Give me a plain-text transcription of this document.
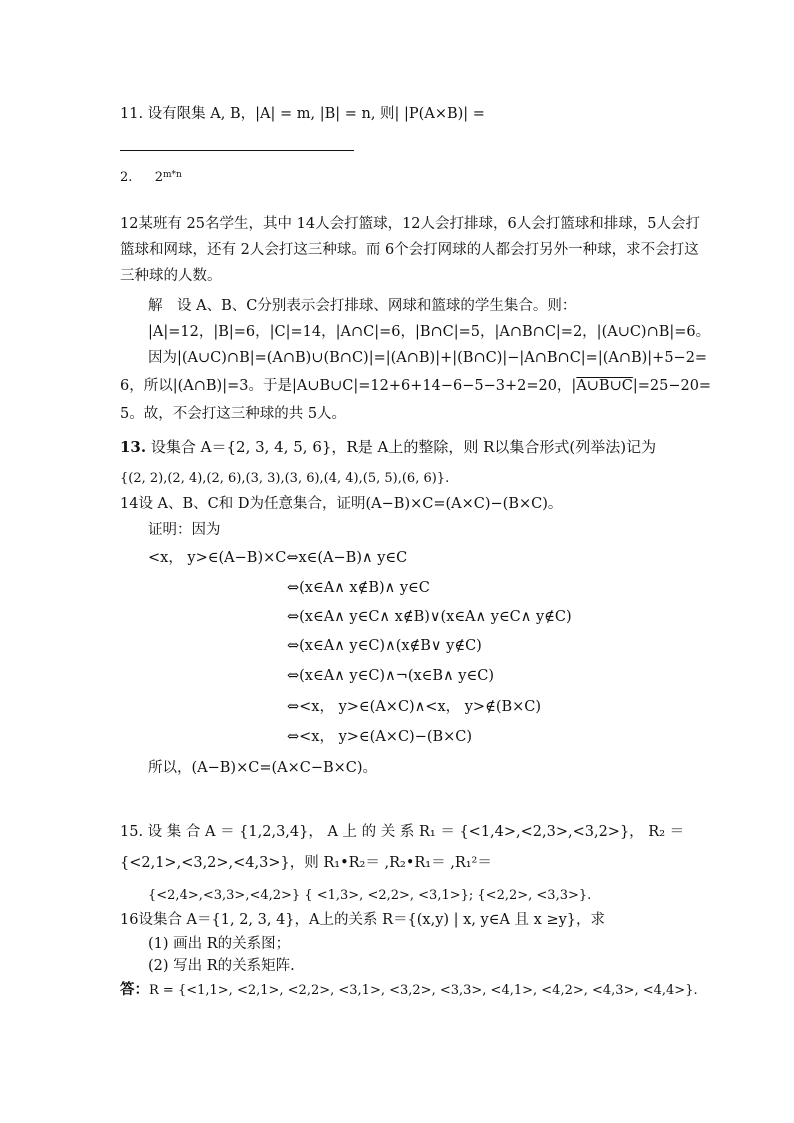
11. 设有限集 A, B，|A| = m, |B| = n, 则| |P(A×B)| =
2. $2^{m*n}$
12某班有 25名学生，其中 14人会打篮球，12人会打排球，6人会打篮球和排球，5人会打
篮球和网球，还有 2人会打这三种球。而 6个会打网球的人都会打另外一种球，求不会打这
三种球的人数。
解　设 A、B、C分别表示会打排球、网球和篮球的学生集合。则：
|A|=12，|B|=6，|C|=14，|A∩C|=6，|B∩C|=5，|A∩B∩C|=2，|(A∪C)∩B|=6。
因为|(A∪C)∩B|=(A∩B)∪(B∩C)|=|(A∩B)|+|(B∩C)|−|A∩B∩C|=|(A∩B)|+5−2=
6，所以|(A∩B)|=3。于是|A∪B∪C|=12+6+14−6−5−3+2=20，|A∪B∪C|=25−20=
5。故，不会打这三种球的共 5人。
13. 设集合 A＝{2, 3, 4, 5, 6}，R是 A上的整除，则 R以集合形式(列举法)记为
{(2, 2),(2, 4),(2, 6),(3, 3),(3, 6),(4, 4),(5, 5),(6, 6)}.
14设 A、B、C和 D为任意集合，证明(A−B)×C=(A×C)−(B×C)。
证明：因为
<x， y>∈(A−B)×C⇔x∈(A−B)∧ y∈C
⇔(x∈A∧ x∉B)∧ y∈C
⇔(x∈A∧ y∈C∧ x∉B)∨(x∈A∧ y∈C∧ y∉C)
⇔(x∈A∧ y∈C)∧(x∉B∨ y∉C)
⇔(x∈A∧ y∈C)∧¬(x∈B∧ y∈C)
⇔<x， y>∈(A×C)∧<x， y>∉(B×C)
⇔<x， y>∈(A×C)−(B×C)
所以，(A−B)×C=(A×C−B×C)。
15. 设 集 合 A ＝ {1,2,3,4}， A 上 的 关 系 R₁ ＝ {<1,4>,<2,3>,<3,2>}， R₂ ＝
{<2,1>,<3,2>,<4,3>}，则 R₁•R₂＝ ,R₂•R₁＝ ,R₁²＝
{<2,4>,<3,3>,<4,2>} { <1,3>, <2,2>, <3,1>}; {<2,2>, <3,3>}.
16设集合 A＝{1, 2, 3, 4}，A上的关系 R＝{(x,y) | x, y∈A 且 x ≥y}，求
(1) 画出 R的关系图；
(2) 写出 R的关系矩阵.
答：R = {<1,1>, <2,1>, <2,2>, <3,1>, <3,2>, <3,3>, <4,1>, <4,2>, <4,3>, <4,4>}.
